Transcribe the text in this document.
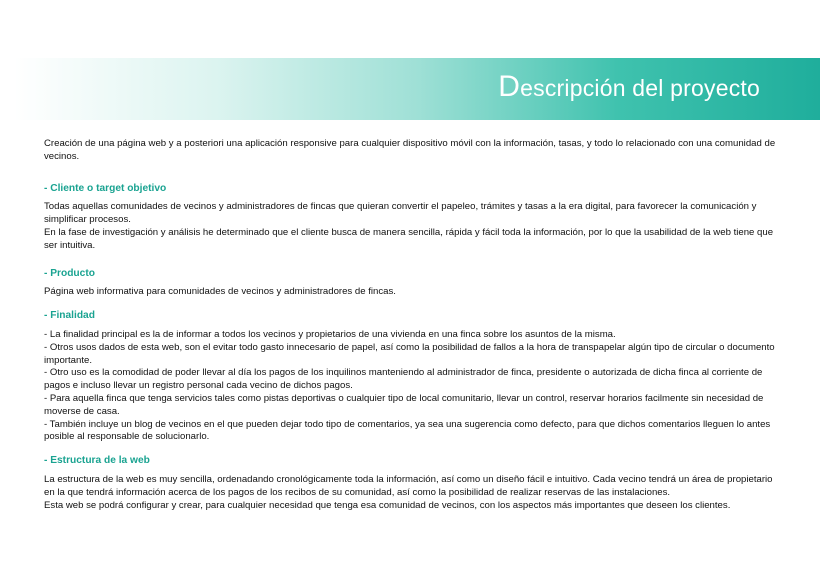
Descripción del proyecto

Creación de una página web y a posteriori una aplicación responsive para cualquier dispositivo móvil con la información, tasas, y todo lo relacionado con una comunidad de vecinos.

- Cliente o target objetivo

Todas aquellas comunidades de vecinos y administradores de fincas que quieran convertir el papeleo, trámites y tasas a la era digital, para favorecer la comunicación y simplificar procesos.

En la fase de investigación y análisis he determinado que el cliente busca de manera sencilla, rápida y fácil toda la información, por lo que la usabilidad de la web tiene que ser intuitiva.

- Producto

Página web informativa para comunidades de vecinos y administradores de fincas.

- Finalidad

- La finalidad principal es la de informar a todos los vecinos y propietarios de una vivienda en una finca sobre los asuntos de la misma.

- Otros usos dados de esta web, son el evitar todo gasto innecesario de papel, así como la posibilidad de fallos a la hora de transpapelar algún tipo de circular o documento importante.

- Otro uso es la comodidad de poder llevar al día los pagos de los inquilinos manteniendo al administrador de finca, presidente o autorizada de dicha finca al corriente de pagos e incluso llevar un registro personal cada vecino de dichos pagos.

- Para aquella finca que tenga servicios tales como pistas deportivas o cualquier tipo de local comunitario, llevar un control, reservar horarios facilmente sin necesidad de moverse de casa.

- También incluye un blog de vecinos en el que pueden dejar todo tipo de comentarios, ya sea una sugerencia como defecto, para que dichos comentarios lleguen lo antes posible al responsable de solucionarlo.

- Estructura de la web

La estructura de la web es muy sencilla, ordenadando cronológicamente toda la información, así como un diseño fácil e intuitivo. Cada vecino tendrá un área de propietario en la que tendrá información acerca de los pagos de los recibos de su comunidad, así como la posibilidad de realizar reservas de las instalaciones.

Esta web se podrá configurar y crear, para cualquier necesidad que tenga esa comunidad de vecinos, con los aspectos más importantes que deseen los clientes.
